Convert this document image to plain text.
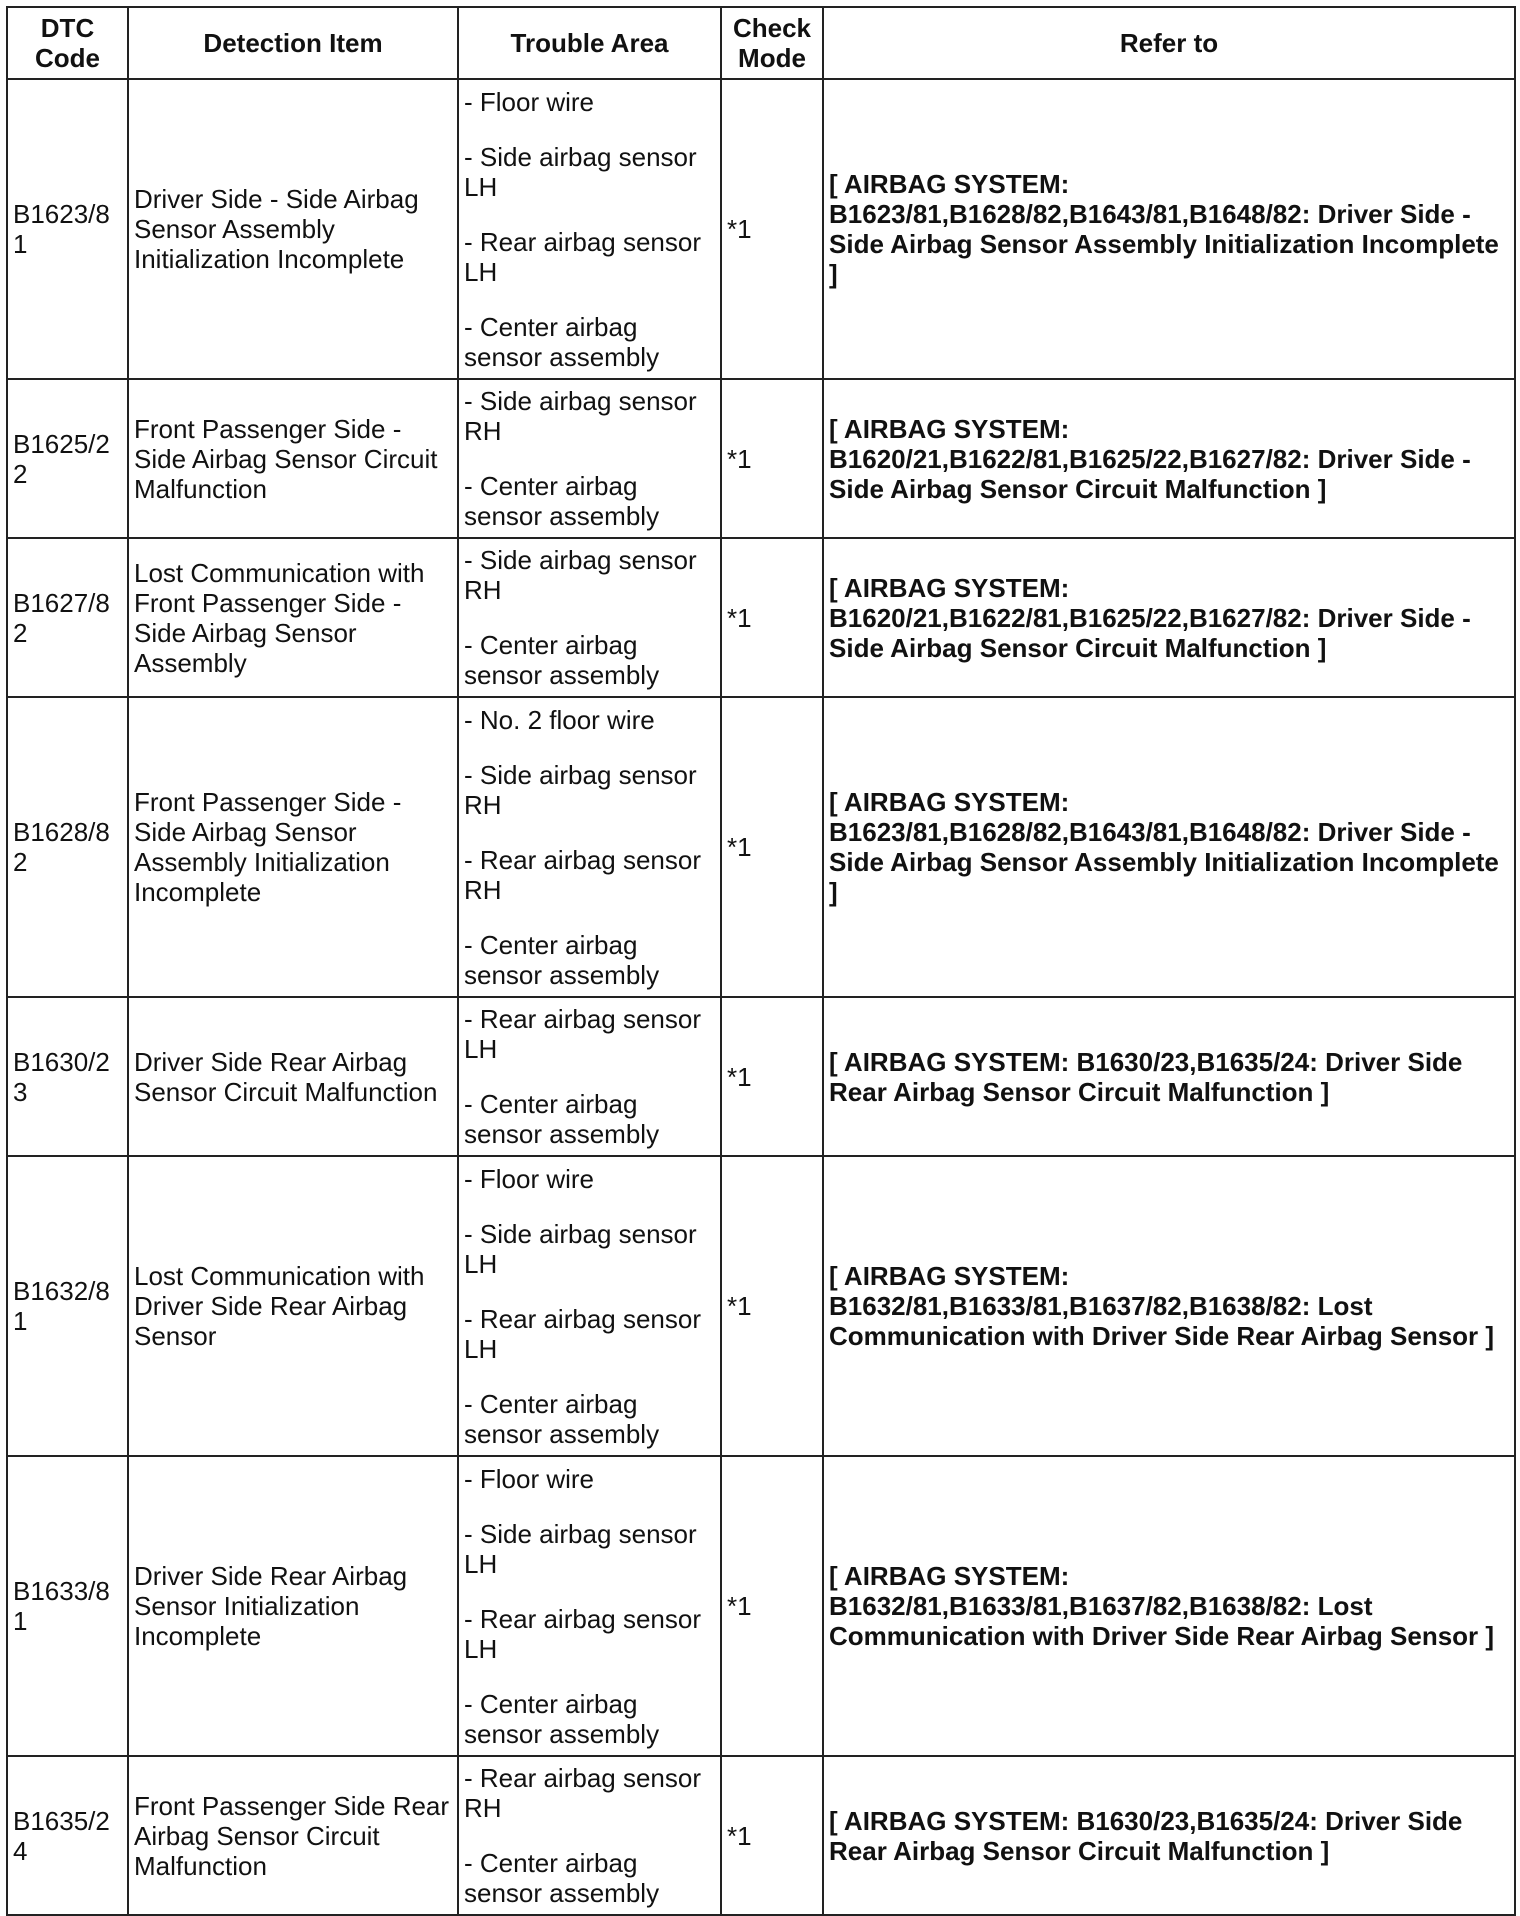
DTC Code	Detection Item	Trouble Area	Check Mode	Refer to
B1623/81	Driver Side - Side Airbag Sensor Assembly Initialization Incomplete	- Floor wire
- Side airbag sensor LH
- Rear airbag sensor LH
- Center airbag sensor assembly	*1	[ AIRBAG SYSTEM: B1623/81,B1628/82,B1643/81,B1648/82: Driver Side - Side Airbag Sensor Assembly Initialization Incomplete ]
B1625/22	Front Passenger Side - Side Airbag Sensor Circuit Malfunction	- Side airbag sensor RH
- Center airbag sensor assembly	*1	[ AIRBAG SYSTEM: B1620/21,B1622/81,B1625/22,B1627/82: Driver Side - Side Airbag Sensor Circuit Malfunction ]
B1627/82	Lost Communication with Front Passenger Side - Side Airbag Sensor Assembly	- Side airbag sensor RH
- Center airbag sensor assembly	*1	[ AIRBAG SYSTEM: B1620/21,B1622/81,B1625/22,B1627/82: Driver Side - Side Airbag Sensor Circuit Malfunction ]
B1628/82	Front Passenger Side - Side Airbag Sensor Assembly Initialization Incomplete	- No. 2 floor wire
- Side airbag sensor RH
- Rear airbag sensor RH
- Center airbag sensor assembly	*1	[ AIRBAG SYSTEM: B1623/81,B1628/82,B1643/81,B1648/82: Driver Side - Side Airbag Sensor Assembly Initialization Incomplete ]
B1630/23	Driver Side Rear Airbag Sensor Circuit Malfunction	- Rear airbag sensor LH
- Center airbag sensor assembly	*1	[ AIRBAG SYSTEM: B1630/23,B1635/24: Driver Side Rear Airbag Sensor Circuit Malfunction ]
B1632/81	Lost Communication with Driver Side Rear Airbag Sensor	- Floor wire
- Side airbag sensor LH
- Rear airbag sensor LH
- Center airbag sensor assembly	*1	[ AIRBAG SYSTEM: B1632/81,B1633/81,B1637/82,B1638/82: Lost Communication with Driver Side Rear Airbag Sensor ]
B1633/81	Driver Side Rear Airbag Sensor Initialization Incomplete	- Floor wire
- Side airbag sensor LH
- Rear airbag sensor LH
- Center airbag sensor assembly	*1	[ AIRBAG SYSTEM: B1632/81,B1633/81,B1637/82,B1638/82: Lost Communication with Driver Side Rear Airbag Sensor ]
B1635/24	Front Passenger Side Rear Airbag Sensor Circuit Malfunction	- Rear airbag sensor RH
- Center airbag sensor assembly	*1	[ AIRBAG SYSTEM: B1630/23,B1635/24: Driver Side Rear Airbag Sensor Circuit Malfunction ]
